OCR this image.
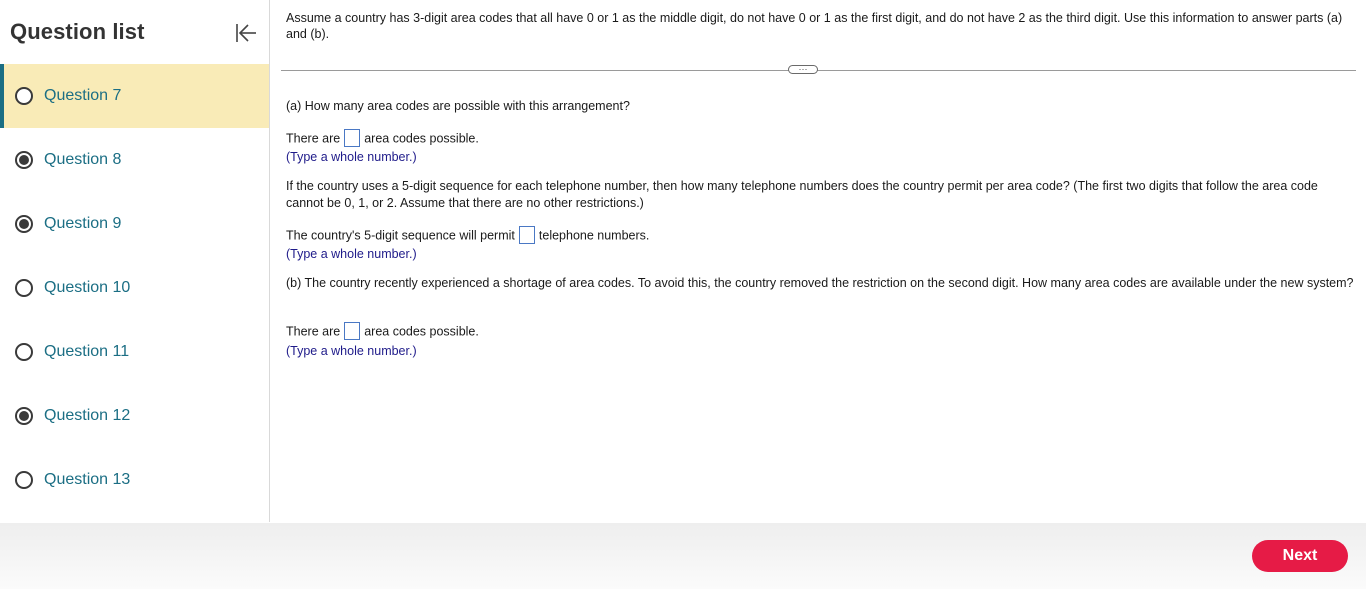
Question list
Question 7
Question 8
Question 9
Question 10
Question 11
Question 12
Question 13

Assume a country has 3-digit area codes that all have 0 or 1 as the middle digit, do not have 0 or 1 as the first digit, and do not have 2 as the third digit. Use this information to answer parts (a) and (b).

···

(a) How many area codes are possible with this arrangement?

There are area codes possible.

(Type a whole number.)

If the country uses a 5-digit sequence for each telephone number, then how many telephone numbers does the country permit per area code? (The first two digits that follow the area code cannot be 0, 1, or 2. Assume that there are no other restrictions.)

The country's 5-digit sequence will permit telephone numbers.

(Type a whole number.)

(b) The country recently experienced a shortage of area codes. To avoid this, the country removed the restriction on the second digit. How many area codes are available under the new system?

There are area codes possible.

(Type a whole number.)

Next
